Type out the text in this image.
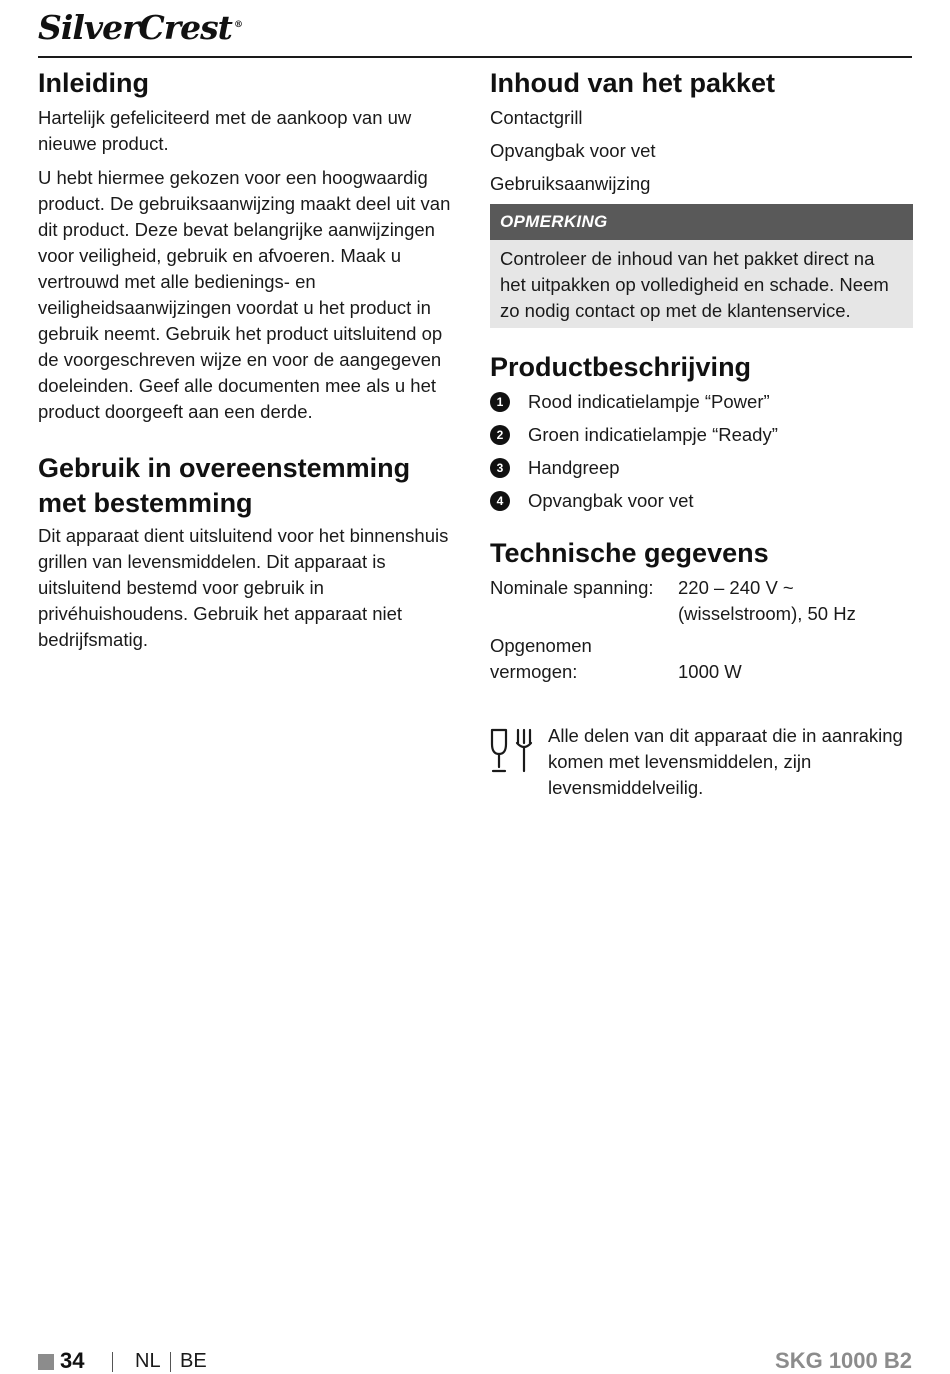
SilverCrest ®
Inleiding

Hartelijk gefeliciteerd met de aankoop van uw nieuwe product.

U hebt hiermee gekozen voor een hoogwaardig product. De gebruiksaanwijzing maakt deel uit van dit product. Deze bevat belangrijke aanwijzingen voor veiligheid, gebruik en afvoeren. Maak u vertrouwd met alle bedienings- en veiligheidsaanwijzingen voordat u het product in gebruik neemt. Gebruik het product uitsluitend op de voorgeschreven wijze en voor de aangegeven doeleinden. Geef alle documenten mee als u het product doorgeeft aan een derde.

Gebruik in overeenstemming
met bestemming

Dit apparaat dient uitsluitend voor het binnenshuis grillen van levensmiddelen. Dit apparaat is uitsluitend bestemd voor gebruik in privéhuishoudens. Gebruik het apparaat niet bedrijfsmatig.

Inhoud van het pakket
Contactgrill
Opvangbak voor vet
Gebruiksaanwijzing
OPMERKING
Controleer de inhoud van het pakket direct na het uitpakken op volledigheid en schade. Neem zo nodig contact op met de klantenservice.
Productbeschrijving
1	Rood indicatielampje “Power”
2	Groen indicatielampje “Ready”
3	Handgreep
4	Opvangbak voor vet
Technische gegevens
Nominale spanning:	220 – 240 V ~
(wisselstroom), 50 Hz
Opgenomen
vermogen:	1000 W
Alle delen van dit apparaat die in aanraking komen met levensmiddelen, zijn levensmiddelveilig.
34	NL BE	SKG 1000 B2
